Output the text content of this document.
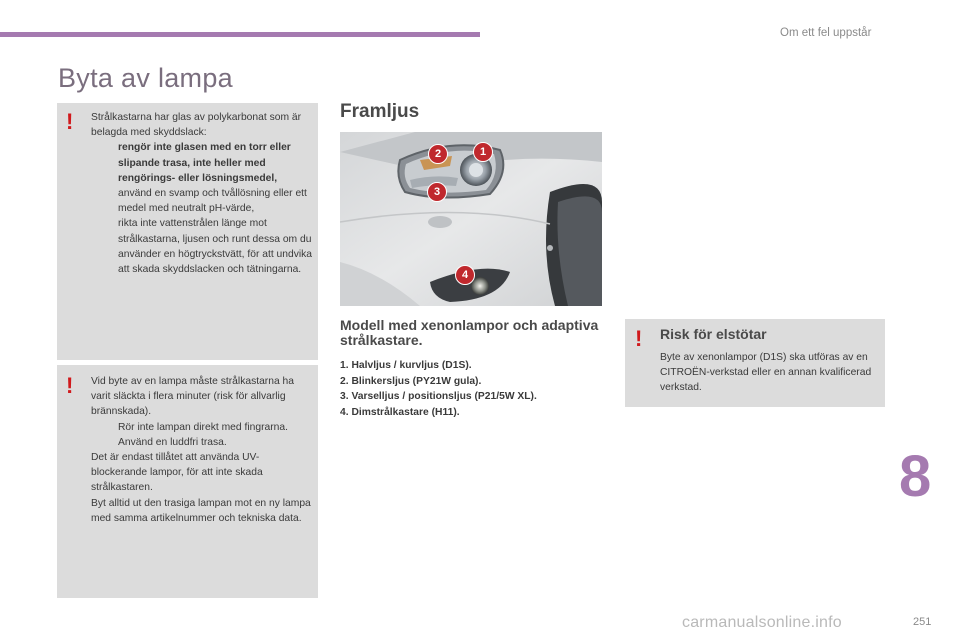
Om ett fel uppstår
Byta av lampa
! Strålkastarna har glas av polykarbonat som är belagda med skyddslack:

rengör inte glasen med en torr eller slipande trasa, inte heller med rengörings- eller lösningsmedel,
använd en svamp och tvållösning eller ett medel med neutralt pH-värde,
rikta inte vattenstrålen länge mot strålkastarna, ljusen och runt dessa om du använder en högtryckstvätt, för att undvika att skada skyddslacken och tätningarna.
! Vid byte av en lampa måste strålkastarna ha varit släckta i flera minuter (risk för allvarlig brännskada).

Rör inte lampan direkt med fingrarna. Använd en luddfri trasa.

Det är endast tillåtet att använda UV-blockerande lampor, för att inte skada strålkastaren.

Byt alltid ut den trasiga lampan mot en ny lampa med samma artikelnummer och tekniska data.

Framljus
1
2
3
4
Modell med xenonlampor och adaptiva strålkastare.
1. Halvljus / kurvljus (D1S).
2. Blinkersljus (PY21W gula).
3. Varselljus / positionsljus (P21/5W XL).
4. Dimstrålkastare (H11).
! Risk för elstötar
Byte av xenonlampor (D1S) ska utföras av en CITROËN-verkstad eller en annan kvalificerad verkstad.
8
carmanualsonline.info	251
